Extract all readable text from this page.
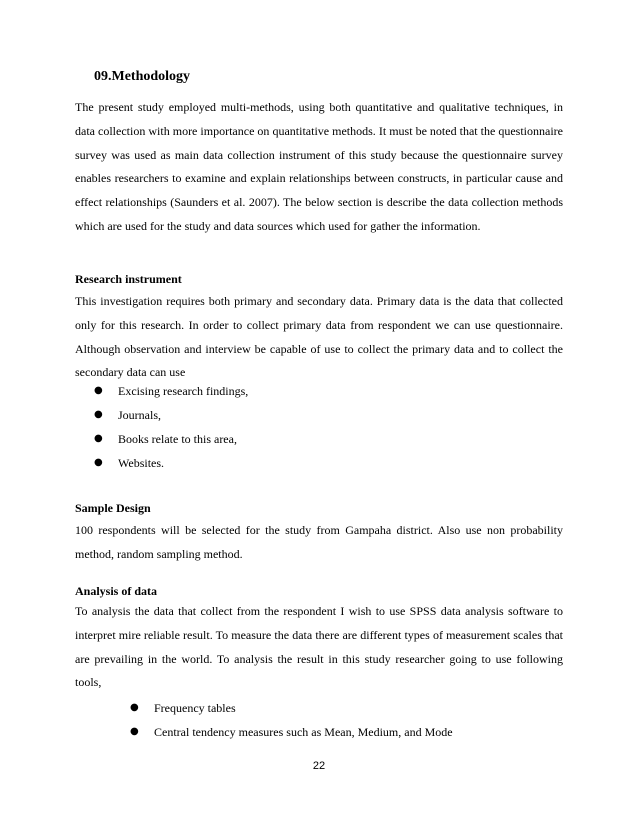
09.Methodology

The present study employed multi-methods, using both quantitative and qualitative techniques, in data collection with more importance on quantitative methods. It must be noted that the questionnaire survey was used as main data collection instrument of this study because the questionnaire survey enables researchers to examine and explain relationships between constructs, in particular cause and effect relationships (Saunders et al. 2007). The below section is describe the data collection methods which are used for the study and data sources which used for gather the information.

Research instrument

This investigation requires both primary and secondary data. Primary data is the data that collected only for this research. In order to collect primary data from respondent we can use questionnaire. Although observation and interview be capable of use to collect the primary data and to collect the secondary data can use

● Excising research findings,
● Journals,
● Books relate to this area,
● Websites.
Sample Design

100 respondents will be selected for the study from Gampaha district. Also use non probability method, random sampling method.

Analysis of data

To analysis the data that collect from the respondent I wish to use SPSS data analysis software to interpret mire reliable result. To measure the data there are different types of measurement scales that are prevailing in the world. To analysis the result in this study researcher going to use following tools,

● Frequency tables
● Central tendency measures such as Mean, Medium, and Mode
22
